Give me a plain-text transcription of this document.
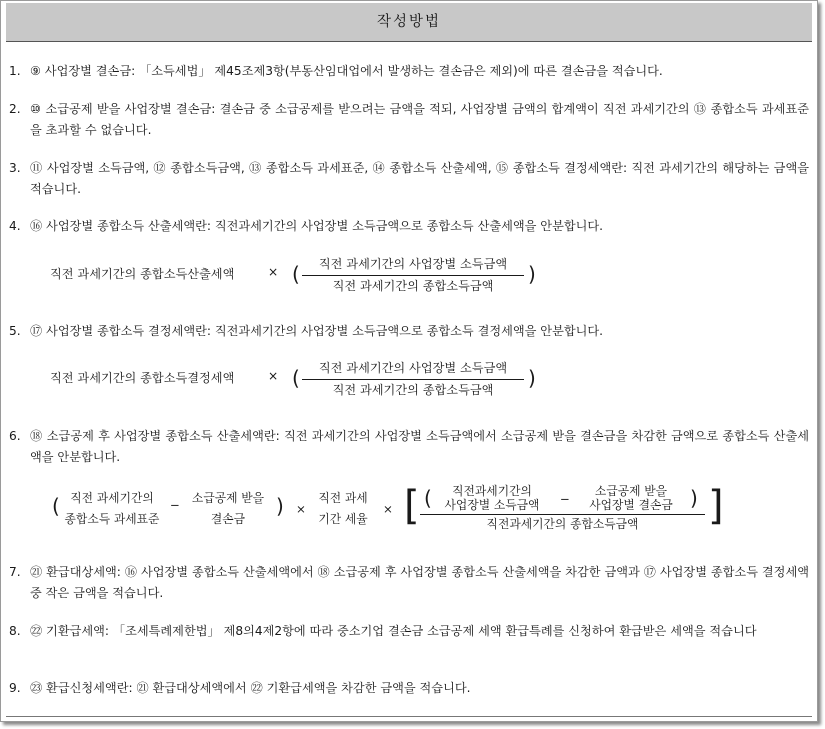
작성방법
1. ⑨ 사업장별 결손금: 「소득세법」 제45조제3항(부동산임대업에서 발생하는 결손금은 제외)에 따른 결손금을 적습니다.
2. ⑩ 소급공제 받을 사업장별 결손금: 결손금 중 소급공제를 받으려는 금액을 적되, 사업장별 금액의 합계액이 직전 과세기간의 ⑬ 종합소득 과세표준을 초과할 수 없습니다.
3. ⑪ 사업장별 소득금액, ⑫ 종합소득금액, ⑬ 종합소득 과세표준, ⑭ 종합소득 산출세액, ⑮ 종합소득 결정세액란: 직전 과세기간의 해당하는 금액을 적습니다.
4. ⑯ 사업장별 종합소득 산출세액란: 직전과세기간의 사업장별 소득금액으로 종합소득 산출세액을 안분합니다.
직전 과세기간의 종합소득산출세액	× (	직전 과세기간의 사업장별 소득금액
직전 과세기간의 종합소득금액	)
5. ⑰ 사업장별 종합소득 결정세액란: 직전과세기간의 사업장별 소득금액으로 종합소득 결정세액을 안분합니다.
직전 과세기간의 종합소득결정세액	× (	직전 과세기간의 사업장별 소득금액
직전 과세기간의 종합소득금액	)
6. ⑱ 소급공제 후 사업장별 종합소득 산출세액란: 직전 과세기간의 사업장별 소득금액에서 소급공제 받을 결손금을 차감한 금액으로 종합소득 산출세액을 안분합니다.
( 직전 과세기간의
종합소득 과세표준
−	소급공제 받을
결손금
) ×
직전 과세
기간 세율
× [ (	직전과세기간의
사업장별 소득금액	−
소급공제 받을
사업장별 결손금 )
직전과세기간의 종합소득금액	]
7. ㉑ 환급대상세액: ⑯ 사업장별 종합소득 산출세액에서 ⑱ 소급공제 후 사업장별 종합소득 산출세액을 차감한 금액과 ⑰ 사업장별 종합소득 결정세액 중 작은 금액을 적습니다.
8. ㉒ 기환급세액: 「조세특례제한법」 제8의4제2항에 따라 중소기업 결손금 소급공제 세액 환급특례를 신청하여 환급받은 세액을 적습니다
9. ㉓ 환급신청세액란: ㉑ 환급대상세액에서 ㉒ 기환급세액을 차감한 금액을 적습니다.
